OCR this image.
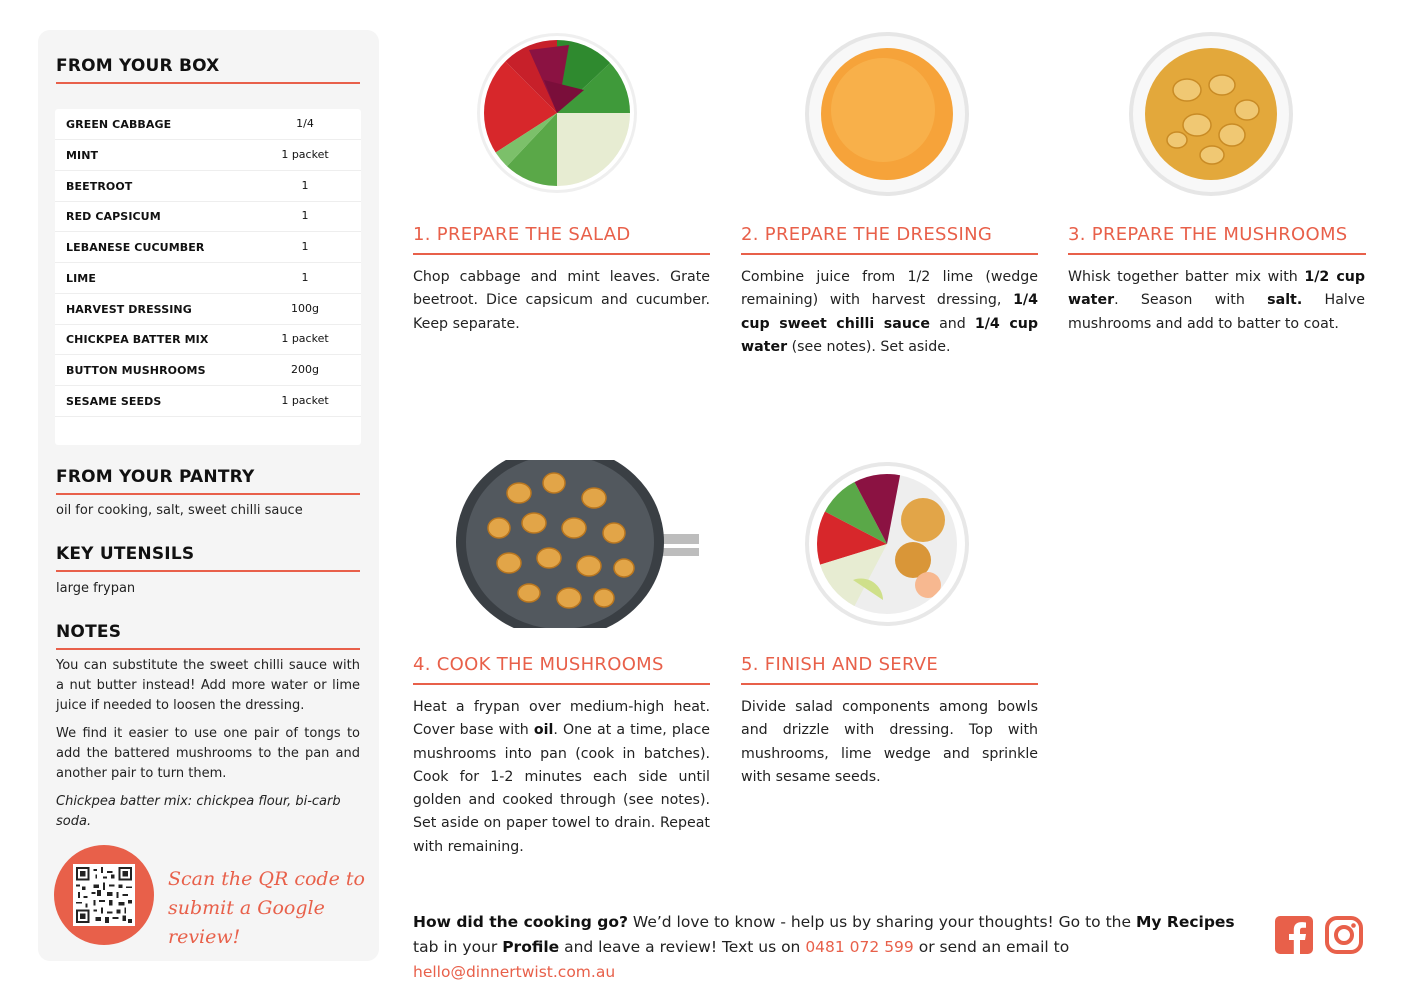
FROM YOUR BOX
GREEN CABBAGE	1/4
MINT	1 packet
BEETROOT	1
RED CAPSICUM	1
LEBANESE CUCUMBER	1
LIME	1
HARVEST DRESSING	100g
CHICKPEA BATTER MIX	1 packet
BUTTON MUSHROOMS	200g
SESAME SEEDS	1 packet
FROM YOUR PANTRY
oil for cooking, salt, sweet chilli sauce
KEY UTENSILS
large frypan
NOTES
You can substitute the sweet chilli sauce with a nut butter instead! Add more water or lime juice if needed to loosen the dressing.
We find it easier to use one pair of tongs to add the battered mushrooms to the pan and another pair to turn them.
Chickpea batter mix: chickpea flour, bi-carb soda.
Scan the QR code to
submit a Google review!
1. PREPARE THE SALAD
Chop cabbage and mint leaves. Grate beetroot. Dice capsicum and cucumber. Keep separate.
2. PREPARE THE DRESSING
Combine juice from 1/2 lime (wedge remaining) with harvest dressing, 1/4 cup sweet chilli sauce and 1/4 cup water (see notes). Set aside.
3. PREPARE THE MUSHROOMS
Whisk together batter mix with 1/2 cup water. Season with salt. Halve mushrooms and add to batter to coat.
4. COOK THE MUSHROOMS
Heat a frypan over medium-high heat. Cover base with oil. One at a time, place mushrooms into pan (cook in batches). Cook for 1-2 minutes each side until golden and cooked through (see notes). Set aside on paper towel to drain. Repeat with remaining.
5. FINISH AND SERVE
Divide salad components among bowls and drizzle with dressing. Top with mushrooms, lime wedge and sprinkle with sesame seeds.
How did the cooking go? We’d love to know - help us by sharing your thoughts! Go to the My Recipes tab in your Profile and leave a review! Text us on 0481 072 599 or send an email to hello@dinnertwist.com.au
